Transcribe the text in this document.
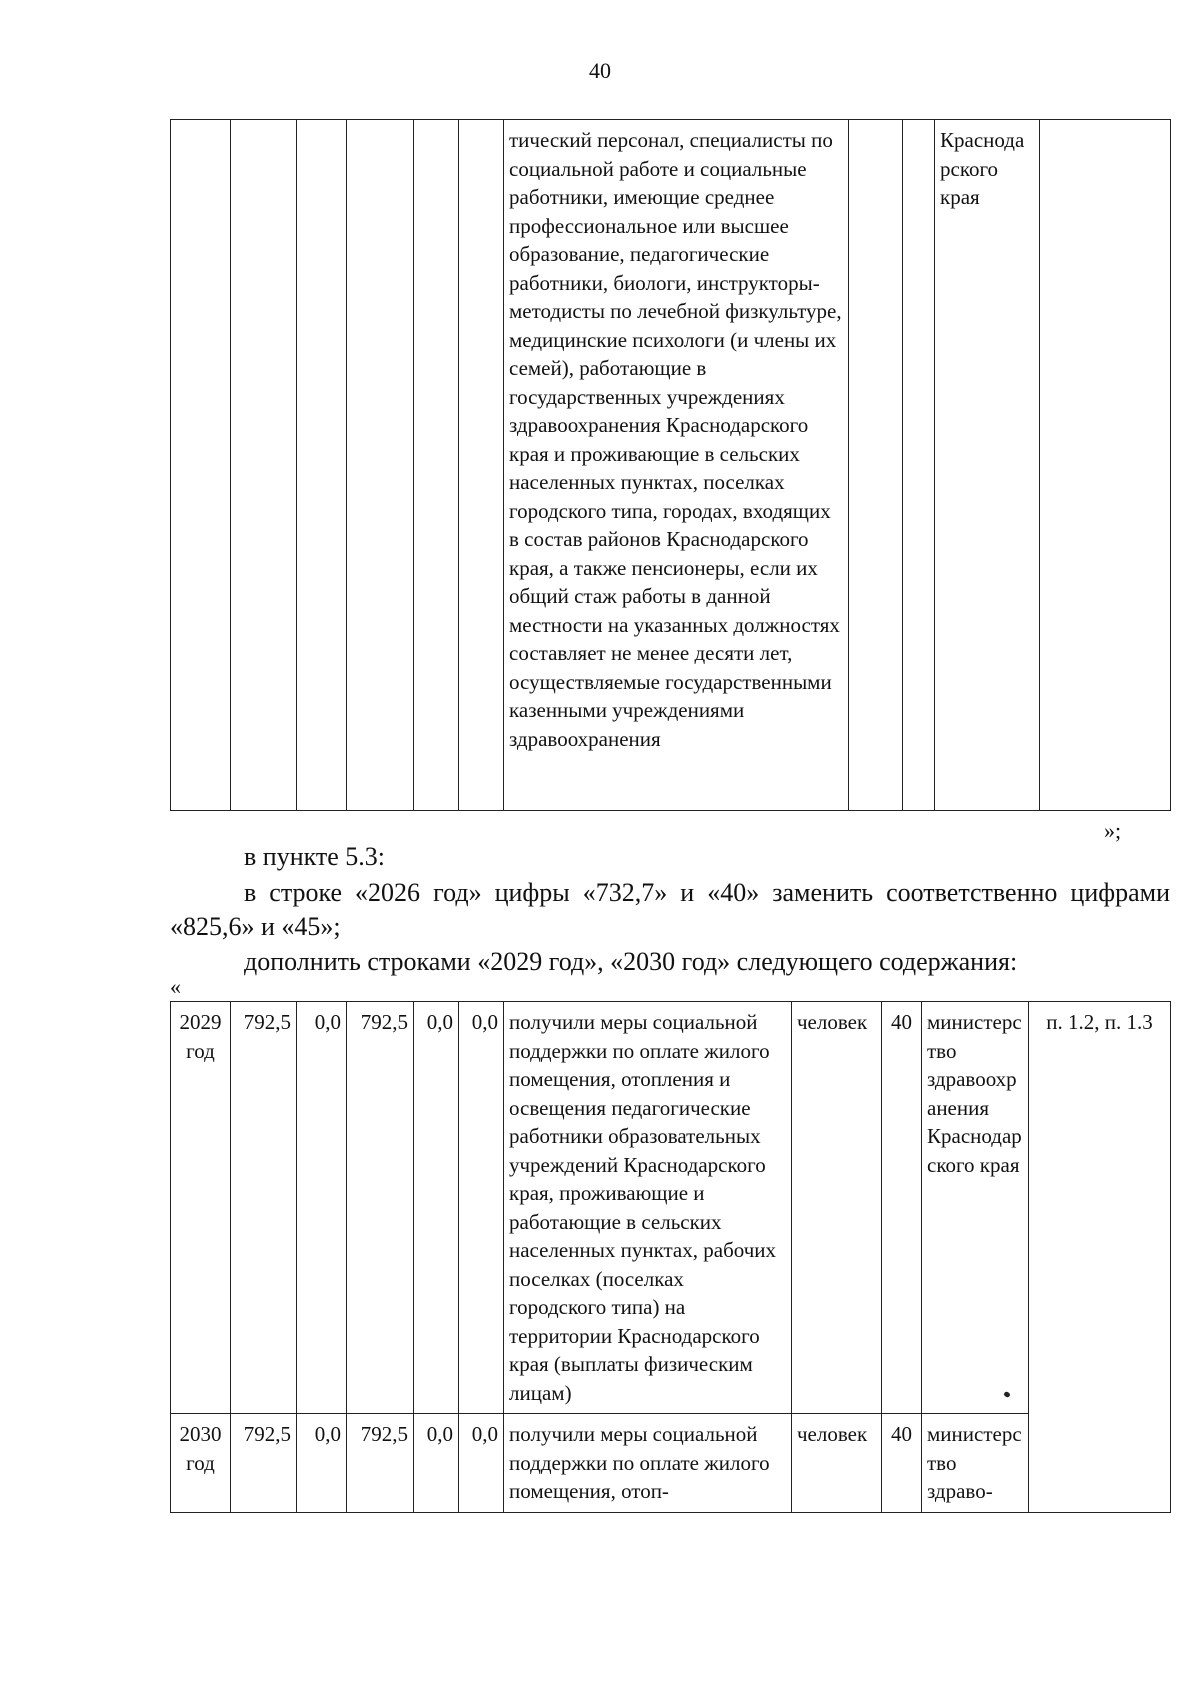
40
						тический персонал, специалисты по социальной работе и социальные работники, имеющие среднее профессиональное или высшее образование, педагогические работники, биологи, инструкторы-методисты по лечебной физкультуре, медицинские психологи (и члены их семей), работающие в государственных учреждениях здравоохранения Краснодарского края и проживающие в сельских населенных пунктах, поселках городского типа, городах, входящих в состав районов Краснодарского края, а также пенсионеры, если их общий стаж работы в данной местности на указанных должностях составляет не менее десяти лет, осуществляемые государственными казенными учреждениями здравоохранения			Краснодарского края	
»;
в пункте 5.3:
в строке «2026 год» цифры «732,7» и «40» заменить соответственно цифрами «825,6» и «45»;
дополнить строками «2029 год», «2030 год» следующего содержания:
«
2029 год	792,5	0,0	792,5	0,0	0,0	получили меры социальной поддержки по оплате жилого помещения, отопления и освещения педагогические работники образовательных учреждений Краснодарского края, проживающие и работающие в сельских населенных пунктах, рабочих поселках (поселках городского типа) на территории Краснодарского края (выплаты физическим лицам)	человек	40	министерство здравоохранения Краснодарского края	п. 1.2, п. 1.3
2030 год	792,5	0,0	792,5	0,0	0,0	получили меры социальной поддержки по оплате жилого помещения, отоп-	человек	40	министерство здраво-	
